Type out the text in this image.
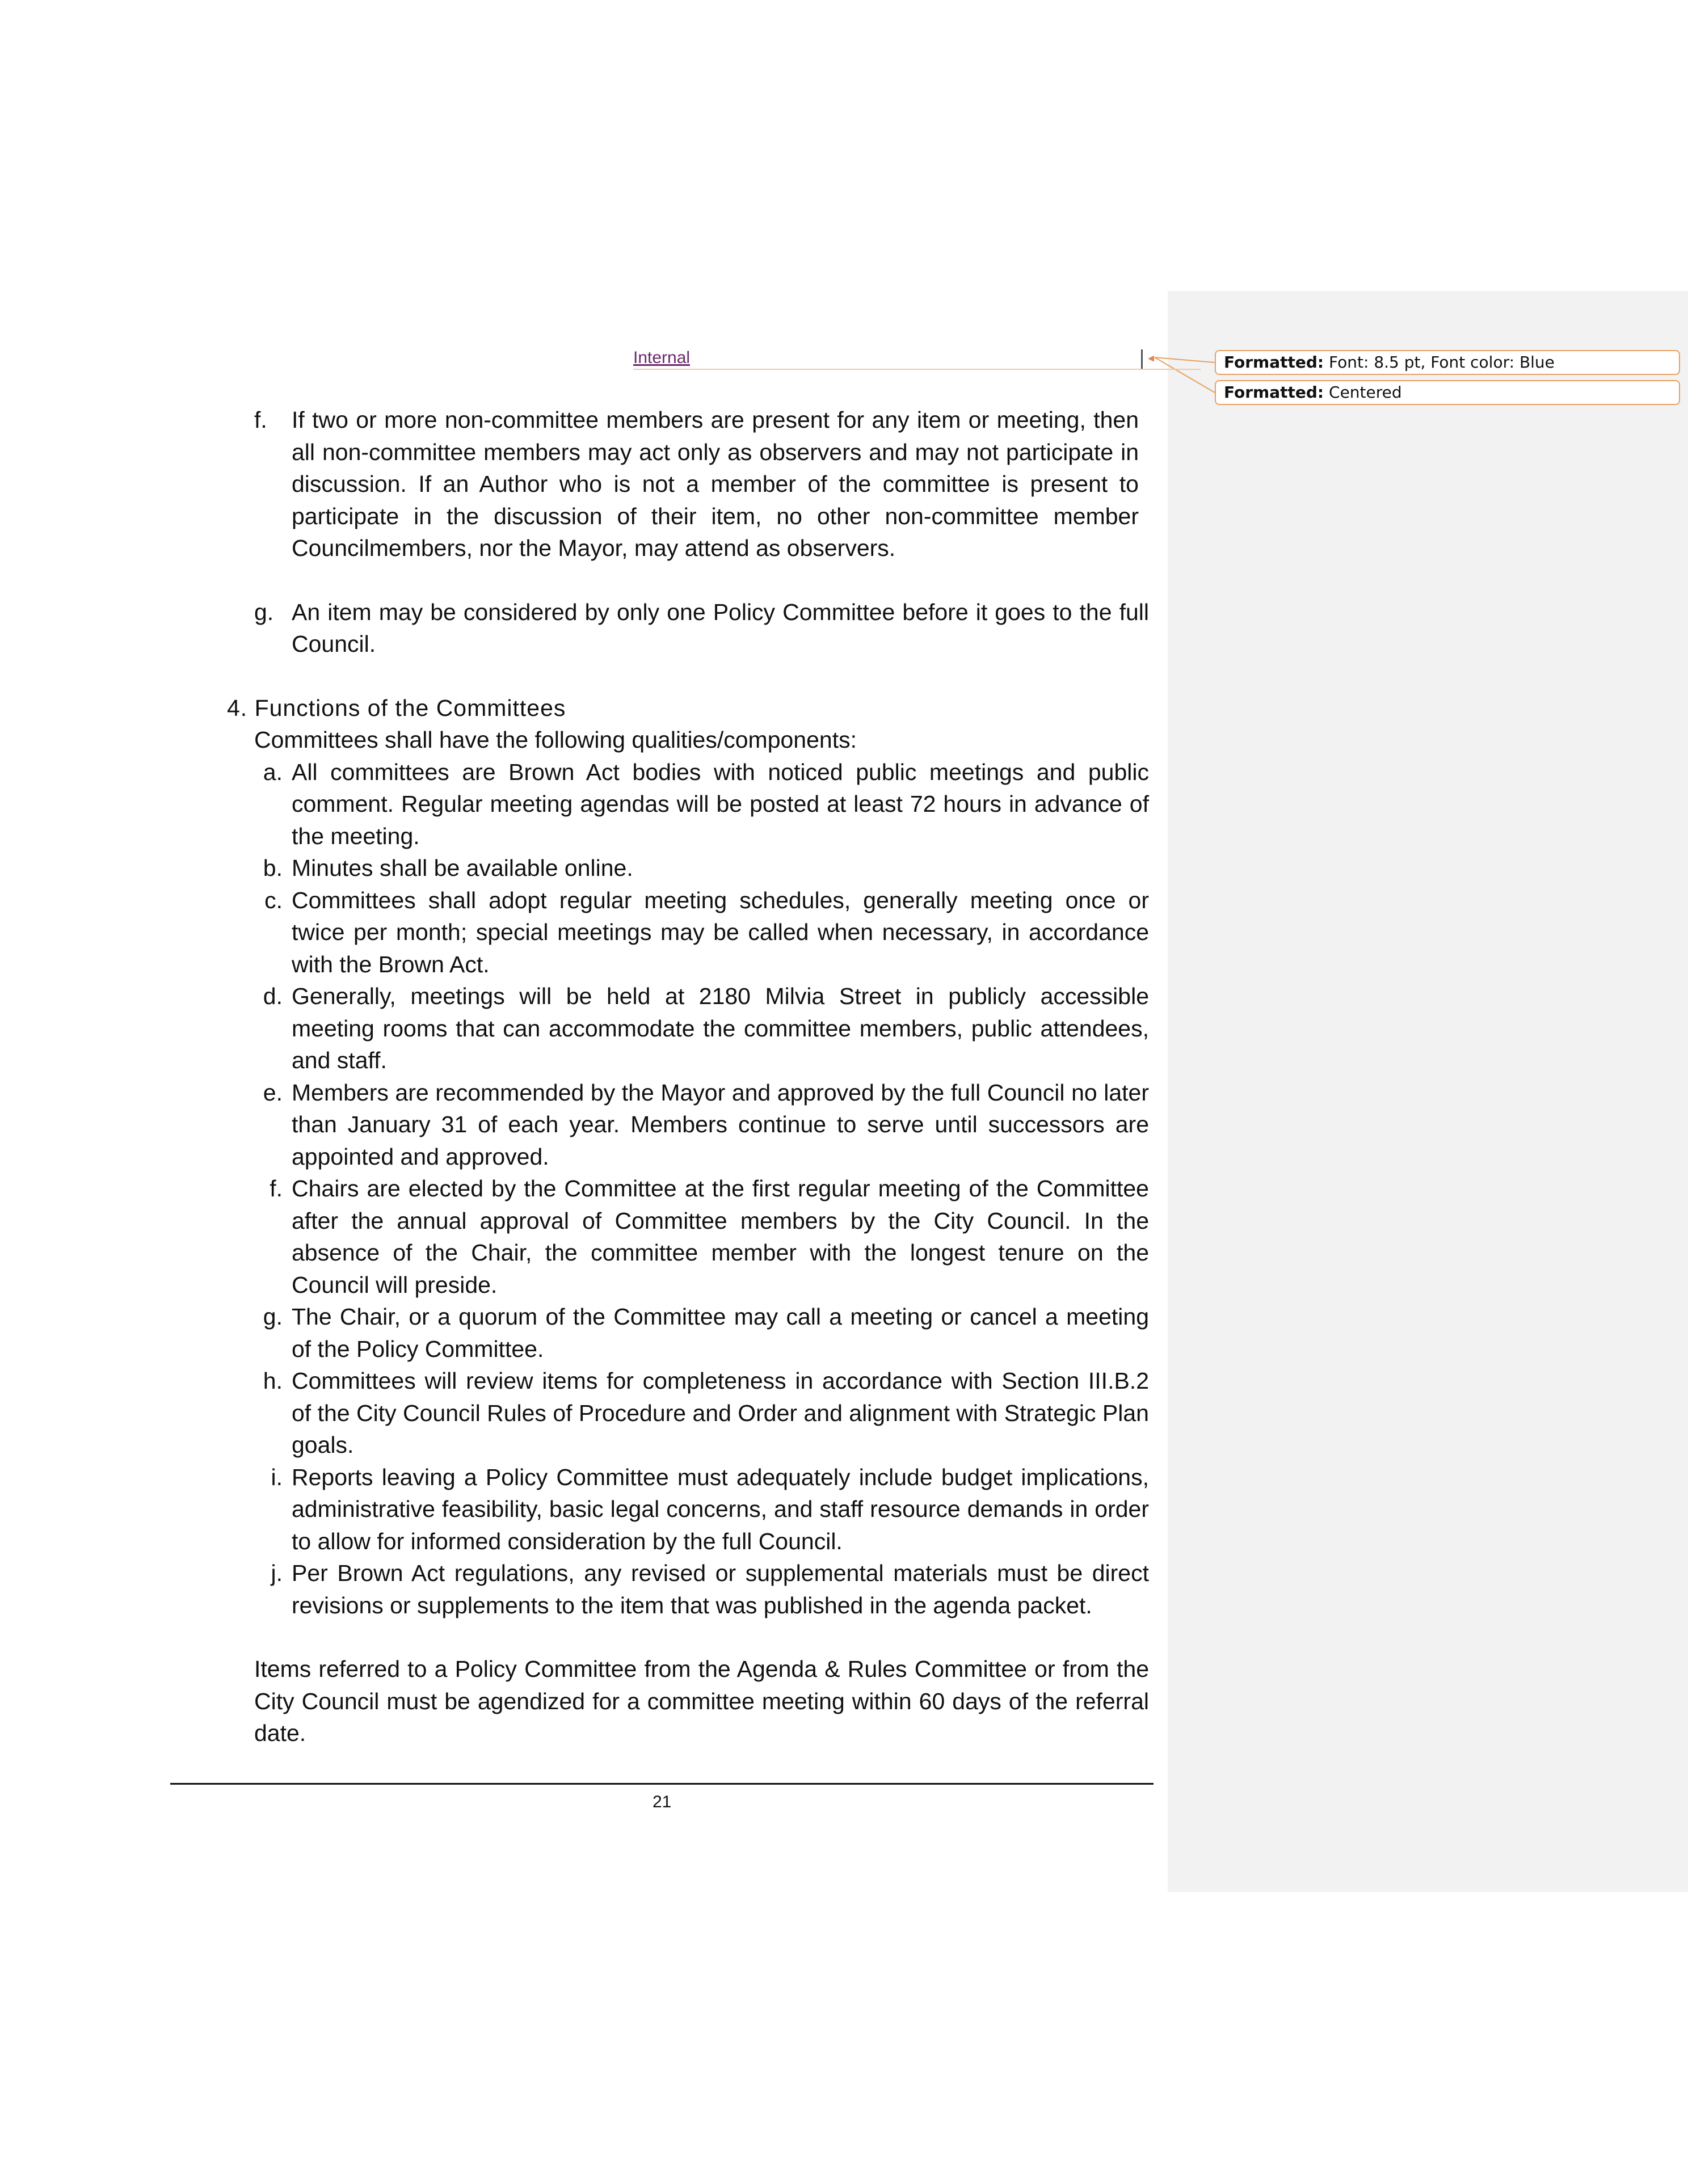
Internal	◂	Formatted: Font: 8.5 pt, Font color: Blue
Formatted: Centered
f.	If two or more non-committee members are present for any item or meeting, then all non-committee members may act only as observers and may not participate in discussion. If an Author who is not a member of the committee is present to participate in the discussion of their item, no other non-committee member Councilmembers, nor the Mayor, may attend as observers.
g. An item may be considered by only one Policy Committee before it goes to the full Council.
4. Functions of the Committees
Committees shall have the following qualities/components:
a. All committees are Brown Act bodies with noticed public meetings and public comment. Regular meeting agendas will be posted at least 72 hours in advance of the meeting.
b. Minutes shall be available online.
c. Committees shall adopt regular meeting schedules, generally meeting once or twice per month; special meetings may be called when necessary, in accordance with the Brown Act.
d. Generally, meetings will be held at 2180 Milvia Street in publicly accessible meeting rooms that can accommodate the committee members, public attendees, and staff.
e. Members are recommended by the Mayor and approved by the full Council no later than January 31 of each year. Members continue to serve until successors are appointed and approved.
f. Chairs are elected by the Committee at the first regular meeting of the Committee after the annual approval of Committee members by the City Council. In the absence of the Chair, the committee member with the longest tenure on the Council will preside.
g. The Chair, or a quorum of the Committee may call a meeting or cancel a meeting of the Policy Committee.
h. Committees will review items for completeness in accordance with Section III.B.2 of the City Council Rules of Procedure and Order and alignment with Strategic Plan goals.
i. Reports leaving a Policy Committee must adequately include budget implications, administrative feasibility, basic legal concerns, and staff resource demands in order to allow for informed consideration by the full Council.
j. Per Brown Act regulations, any revised or supplemental materials must be direct revisions or supplements to the item that was published in the agenda packet.
Items referred to a Policy Committee from the Agenda & Rules Committee or from the City Council must be agendized for a committee meeting within 60 days of the referral date.
21
